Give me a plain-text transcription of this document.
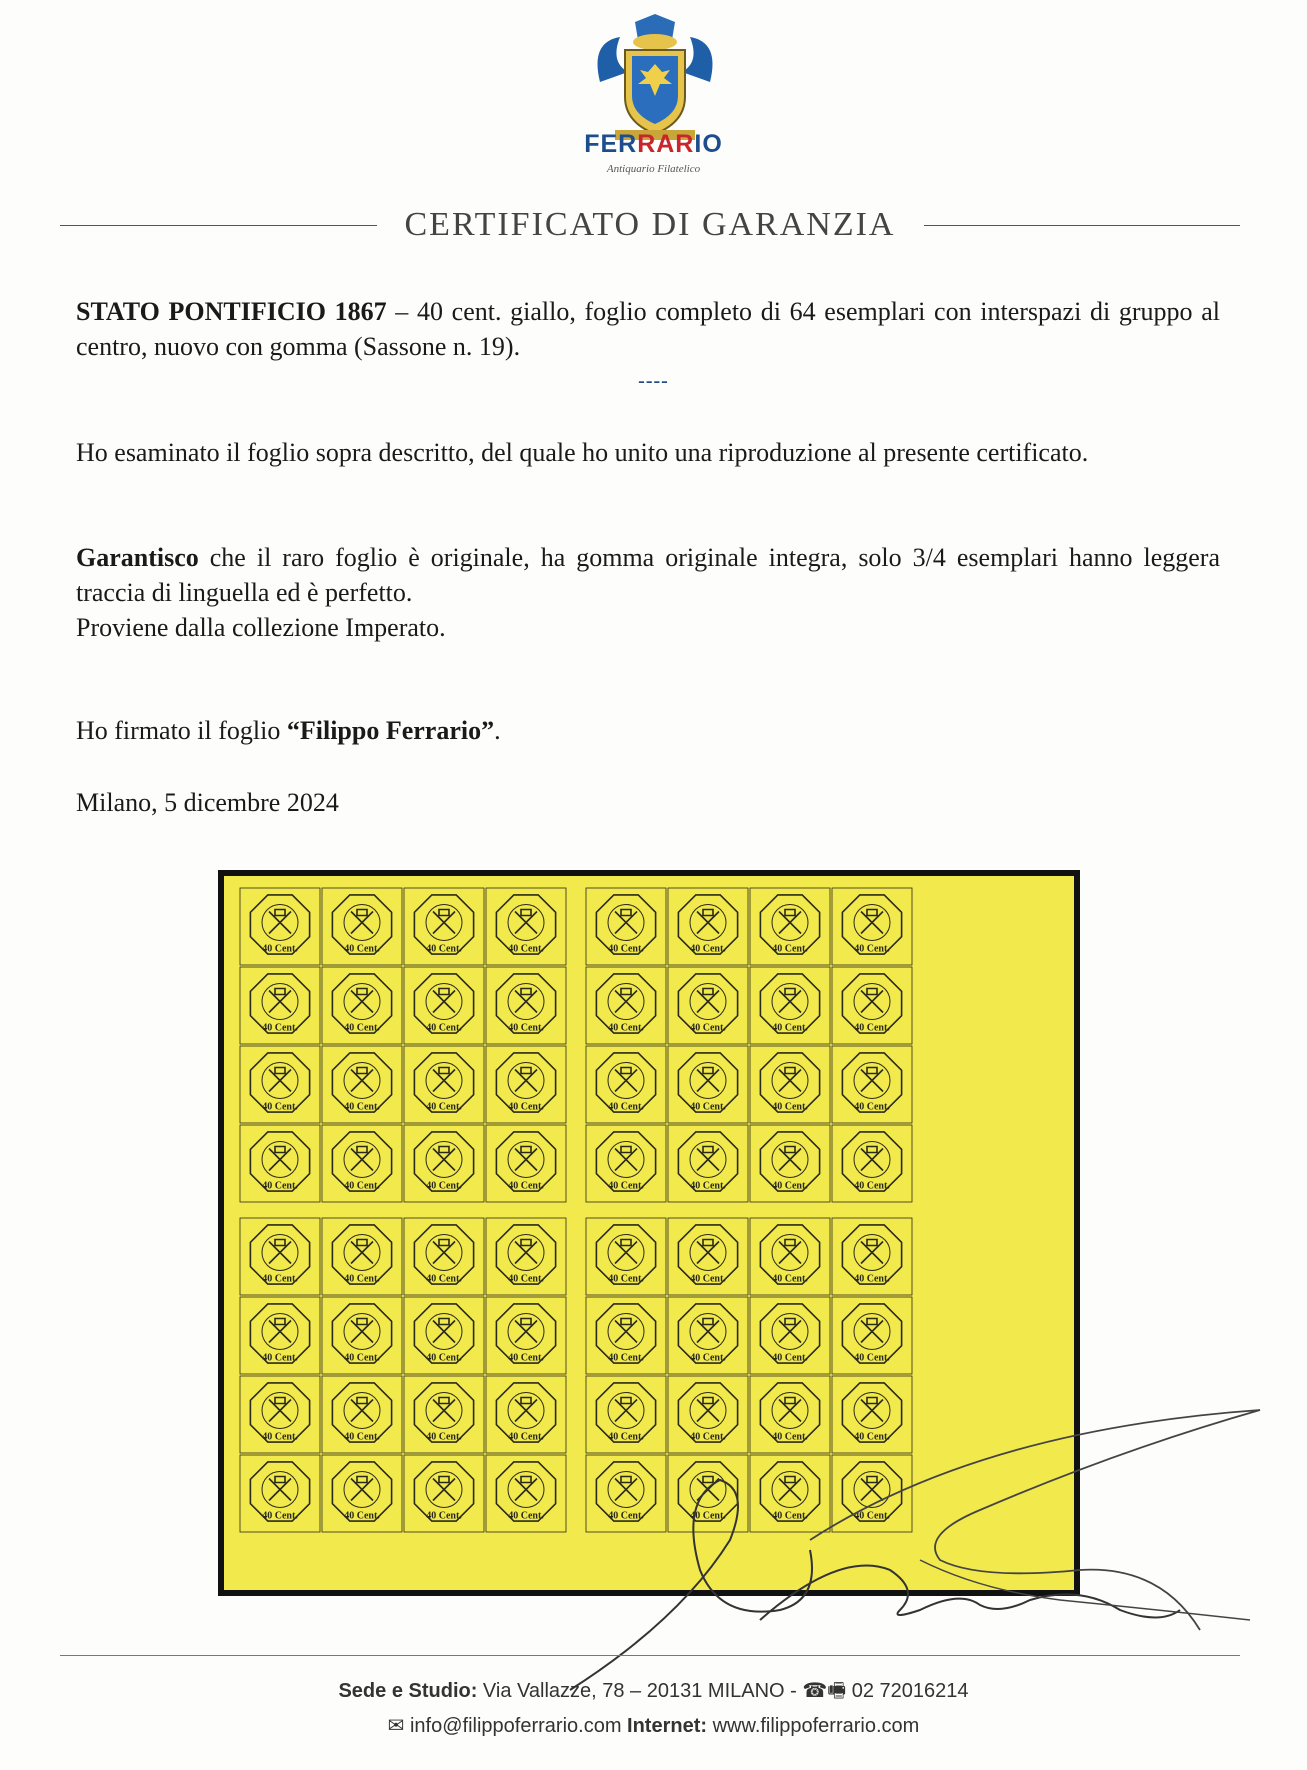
FERRARIO
Antiquario Filatelico
CERTIFICATO DI GARANZIA
STATO PONTIFICIO 1867 – 40 cent. giallo, foglio completo di 64 esemplari con interspazi di gruppo al centro, nuovo con gomma (Sassone n. 19).
----
Ho esaminato il foglio sopra descritto, del quale ho unito una riproduzione al presente certificato.
Garantisco che il raro foglio è originale, ha gomma originale integra, solo 3/4 esemplari hanno leggera traccia di linguella ed è perfetto.
Proviene dalla collezione Imperato.
Ho firmato il foglio “Filippo Ferrario”.
Milano, 5 dicembre 2024
40 Cent.	40 Cent.	40 Cent.	40 Cent.
40 Cent.	40 Cent.	40 Cent.	40 Cent.
40 Cent.	40 Cent.	40 Cent.	40 Cent.
40 Cent.	40 Cent.	40 Cent.	40 Cent.
40 Cent.	40 Cent.	40 Cent.	40 Cent.
40 Cent.	40 Cent.	40 Cent.	40 Cent.
40 Cent.	40 Cent.	40 Cent.	40 Cent.
40 Cent.	40 Cent.	40 Cent.	40 Cent.
40 Cent.	40 Cent.	40 Cent.	40 Cent.
40 Cent.	40 Cent.	40 Cent.	40 Cent.
40 Cent.	40 Cent.	40 Cent.	40 Cent.
40 Cent.	40 Cent.	40 Cent.	40 Cent.
40 Cent.	40 Cent.	40 Cent.	40 Cent.
40 Cent.	40 Cent.	40 Cent.	40 Cent.
40 Cent.	40 Cent.	40 Cent.	40 Cent.
40 Cent.	40 Cent.	40 Cent.	40 Cent.
Sede e Studio: Via Vallazze, 78 – 20131 MILANO - ☎🖷 02 72016214
✉ info@filippoferrario.com Internet: www.filippoferrario.com
